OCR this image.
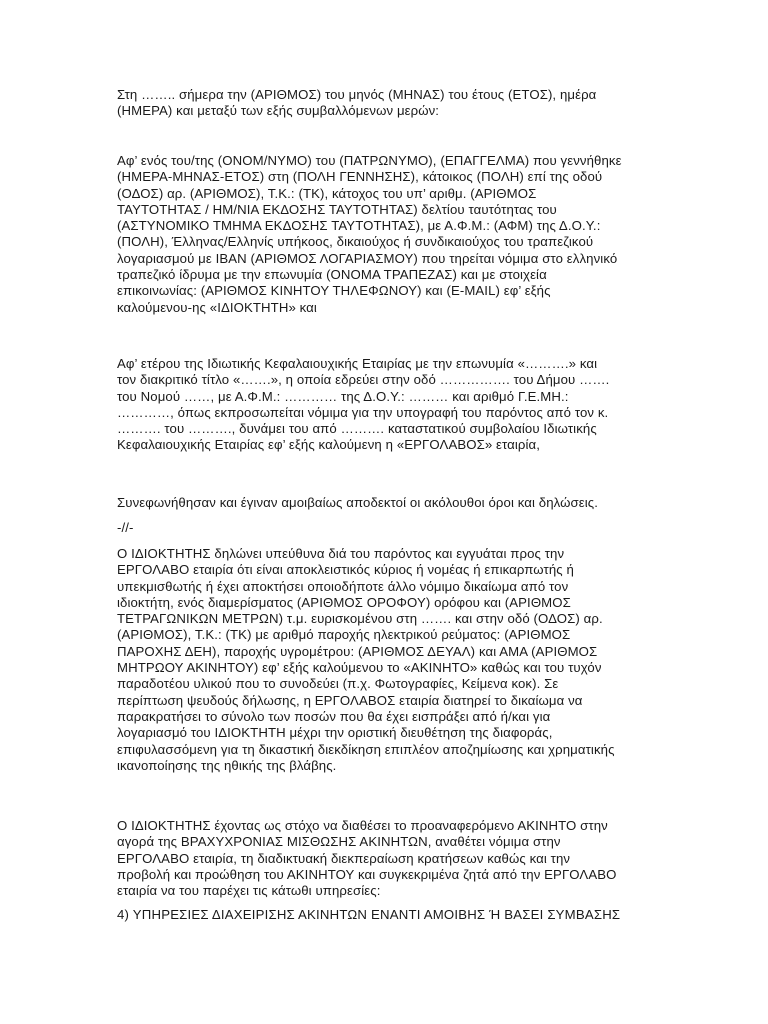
Στη …….. σήμερα την (ΑΡΙΘΜΟΣ) του μηνός (ΜΗΝΑΣ) του έτους (ΕΤΟΣ), ημέρα
(ΗΜΕΡΑ) και μεταξύ των εξής συμβαλλόμενων μερών:

Αφ’ ενός του/της (ΟΝΟΜ/ΝΥΜΟ) του (ΠΑΤΡΩΝΥΜΟ), (ΕΠΑΓΓΕΛΜΑ) που γεννήθηκε
(ΗΜΕΡΑ-ΜΗΝΑΣ-ΕΤΟΣ) στη (ΠΟΛΗ ΓΕΝΝΗΣΗΣ), κάτοικος (ΠΟΛΗ) επί της οδού
(ΟΔΟΣ) αρ. (ΑΡΙΘΜΟΣ), Τ.Κ.: (ΤΚ), κάτοχος του υπ’ αριθμ. (ΑΡΙΘΜΟΣ
ΤΑΥΤΟΤΗΤΑΣ / ΗΜ/ΝΙΑ ΕΚΔΟΣΗΣ ΤΑΥΤΟΤΗΤΑΣ) δελτίου ταυτότητας του
(ΑΣΤΥΝΟΜΙΚΟ ΤΜΗΜΑ ΕΚΔΟΣΗΣ ΤΑΥΤΟΤΗΤΑΣ), με Α.Φ.Μ.: (ΑΦΜ) της Δ.Ο.Υ.:
(ΠΟΛΗ), Έλληνας/Ελληνίς υπήκοος, δικαιούχος ή συνδικαιούχος του τραπεζικού
λογαριασμού με IBAN (ΑΡΙΘΜΟΣ ΛΟΓΑΡΙΑΣΜΟΥ) που τηρείται νόμιμα στο ελληνικό
τραπεζικό ίδρυμα με την επωνυμία (ΟΝΟΜΑ ΤΡΑΠΕΖΑΣ) και με στοιχεία
επικοινωνίας: (ΑΡΙΘΜΟΣ ΚΙΝΗΤΟΥ ΤΗΛΕΦΩΝΟΥ) και (E-MAIL) εφ’ εξής
καλούμενου-ης «ΙΔΙΟΚΤΗΤΗ» και

Αφ’ ετέρου της Ιδιωτικής Κεφαλαιουχικής Εταιρίας με την επωνυμία «……….» και
τον διακριτικό τίτλο «…….», η οποία εδρεύει στην οδό ……………. του Δήμου …….
του Νομού ……, με Α.Φ.Μ.: ………… της Δ.Ο.Υ.: ……… και αριθμό Γ.Ε.ΜΗ.:
…………, όπως εκπροσωπείται νόμιμα για την υπογραφή του παρόντος από τον κ.
………. του ………., δυνάμει του από ………. καταστατικού συμβολαίου Ιδιωτικής
Κεφαλαιουχικής Εταιρίας εφ’ εξής καλούμενη η «ΕΡΓΟΛΑΒΟΣ» εταιρία,

Συνεφωνήθησαν και έγιναν αμοιβαίως αποδεκτοί οι ακόλουθοι όροι και δηλώσεις.

-//-

Ο ΙΔΙΟΚΤΗΤΗΣ δηλώνει υπεύθυνα διά του παρόντος και εγγυάται προς την
ΕΡΓΟΛΑΒΟ εταιρία ότι είναι αποκλειστικός κύριος ή νομέας ή επικαρπωτής ή
υπεκμισθωτής ή έχει αποκτήσει οποιοδήποτε άλλο νόμιμο δικαίωμα από τον
ιδιοκτήτη, ενός διαμερίσματος (ΑΡΙΘΜΟΣ ΟΡΟΦΟΥ) ορόφου και (ΑΡΙΘΜΟΣ
ΤΕΤΡΑΓΩΝΙΚΩΝ ΜΕΤΡΩΝ) τ.μ. ευρισκομένου στη ……. και στην οδό (ΟΔΟΣ) αρ.
(ΑΡΙΘΜΟΣ), Τ.Κ.: (ΤΚ) με αριθμό παροχής ηλεκτρικού ρεύματος: (ΑΡΙΘΜΟΣ
ΠΑΡΟΧΗΣ ΔΕΗ), παροχής υγρομέτρου: (ΑΡΙΘΜΟΣ ΔΕΥΑΛ) και ΑΜΑ (ΑΡΙΘΜΟΣ
ΜΗΤΡΩΟΥ ΑΚΙΝΗΤΟΥ) εφ’ εξής καλούμενου το «ΑΚΙΝΗΤΟ» καθώς και του τυχόν
παραδοτέου υλικού που το συνοδεύει (π.χ. Φωτογραφίες, Κείμενα κοκ). Σε
περίπτωση ψευδούς δήλωσης, η ΕΡΓΟΛΑΒΟΣ εταιρία διατηρεί το δικαίωμα να
παρακρατήσει το σύνολο των ποσών που θα έχει εισπράξει από ή/και για
λογαριασμό του ΙΔΙΟΚΤΗΤΗ μέχρι την οριστική διευθέτηση της διαφοράς,
επιφυλασσόμενη για τη δικαστική διεκδίκηση επιπλέον αποζημίωσης και χρηματικής
ικανοποίησης της ηθικής της βλάβης.

Ο ΙΔΙΟΚΤΗΤΗΣ έχοντας ως στόχο να διαθέσει το προαναφερόμενο ΑΚΙΝΗΤΟ στην
αγορά της ΒΡΑΧΥΧΡΟΝΙΑΣ ΜΙΣΘΩΣΗΣ ΑΚΙΝΗΤΩΝ, αναθέτει νόμιμα στην
ΕΡΓΟΛΑΒΟ εταιρία, τη διαδικτυακή διεκπεραίωση κρατήσεων καθώς και την
προβολή και προώθηση του ΑΚΙΝΗΤΟΥ και συγκεκριμένα ζητά από την ΕΡΓΟΛΑΒΟ
εταιρία να του παρέχει τις κάτωθι υπηρεσίες:

4) ΥΠΗΡΕΣΙΕΣ ΔΙΑΧΕΙΡΙΣΗΣ ΑΚΙΝΗΤΩΝ ΕΝΑΝΤΙ ΑΜΟΙΒΗΣ Ή ΒΑΣΕΙ ΣΥΜΒΑΣΗΣ
